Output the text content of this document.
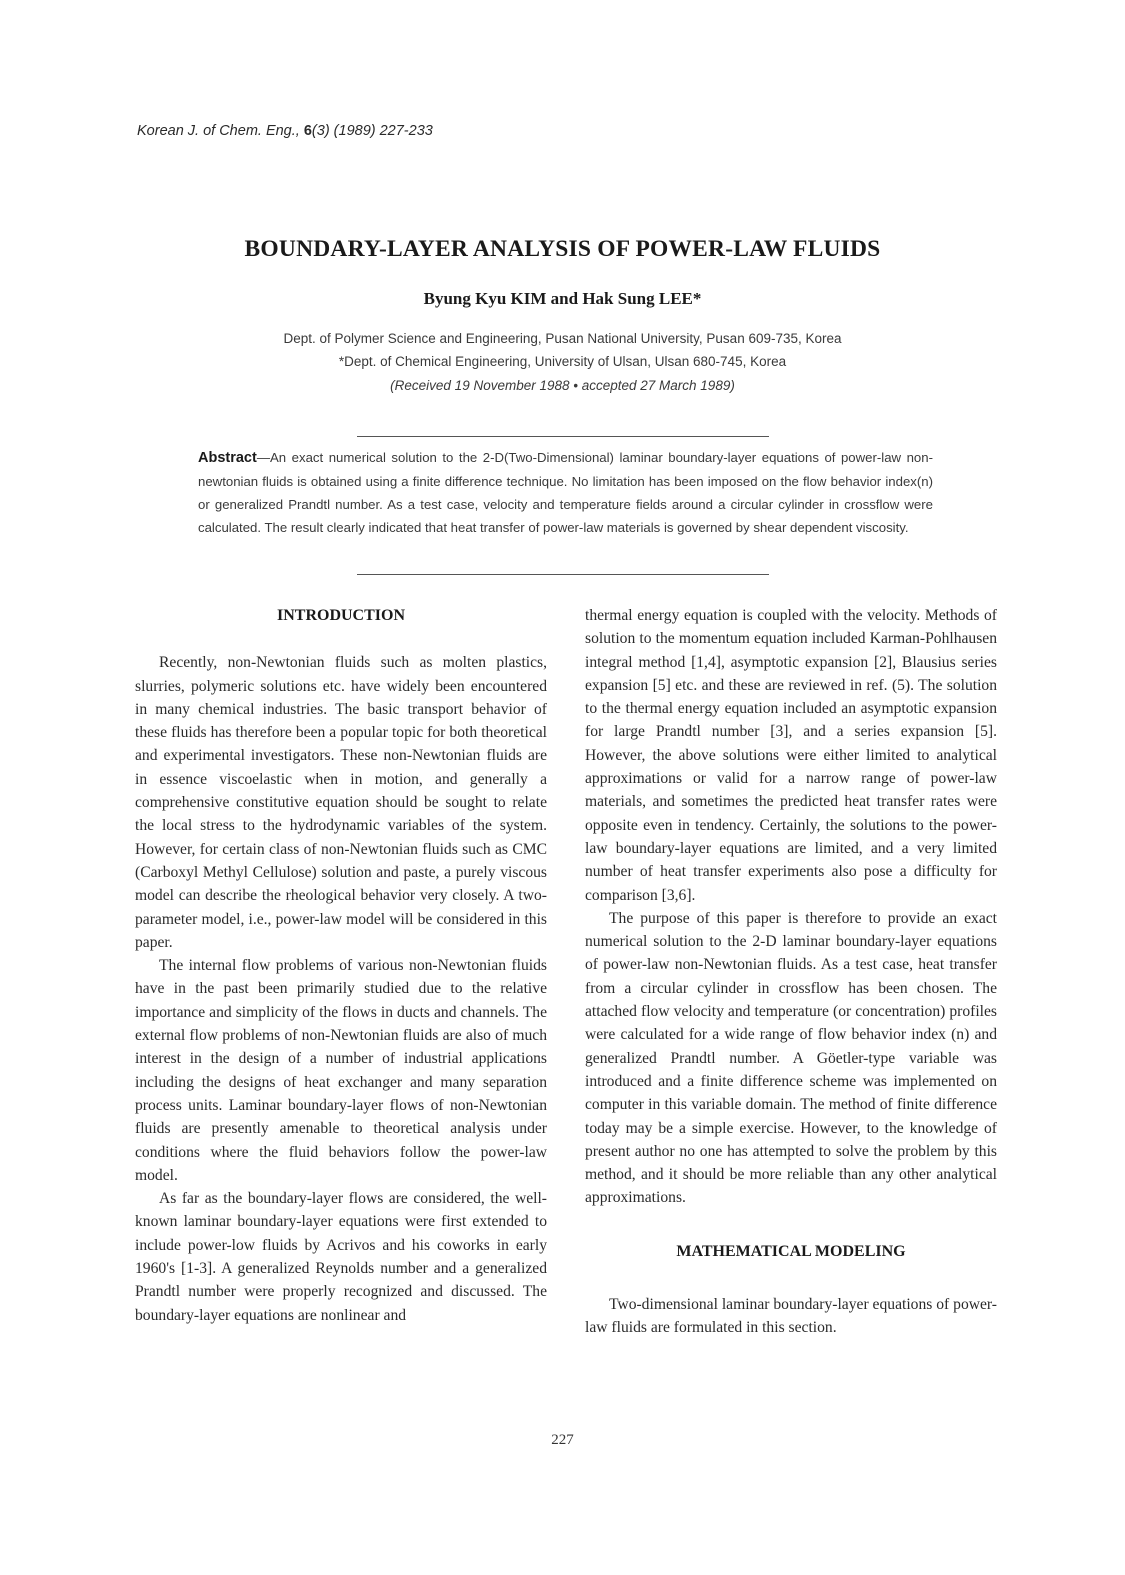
Korean J. of Chem. Eng., 6(3) (1989) 227-233
BOUNDARY-LAYER ANALYSIS OF POWER-LAW FLUIDS
Byung Kyu KIM and Hak Sung LEE*
Dept. of Polymer Science and Engineering, Pusan National University, Pusan 609-735, Korea
*Dept. of Chemical Engineering, University of Ulsan, Ulsan 680-745, Korea
(Received 19 November 1988 • accepted 27 March 1989)
Abstract—An exact numerical solution to the 2-D(Two-Dimensional) laminar boundary-layer equations of power-law non-newtonian fluids is obtained using a finite difference technique. No limitation has been imposed on the flow behavior index(n) or generalized Prandtl number. As a test case, velocity and temperature fields around a circular cylinder in crossflow were calculated. The result clearly indicated that heat transfer of power-law materials is governed by shear dependent viscosity.
INTRODUCTION

Recently, non-Newtonian fluids such as molten plastics, slurries, polymeric solutions etc. have widely been encountered in many chemical industries. The basic transport behavior of these fluids has therefore been a popular topic for both theoretical and experimental investigators. These non-Newtonian fluids are in essence viscoelastic when in motion, and generally a comprehensive constitutive equation should be sought to relate the local stress to the hydrodynamic variables of the system. However, for certain class of non-Newtonian fluids such as CMC (Carboxyl Methyl Cellulose) solution and paste, a purely viscous model can describe the rheological behavior very closely. A two-parameter model, i.e., power-law model will be considered in this paper.

The internal flow problems of various non-Newtonian fluids have in the past been primarily studied due to the relative importance and simplicity of the flows in ducts and channels. The external flow problems of non-Newtonian fluids are also of much interest in the design of a number of industrial applications including the designs of heat exchanger and many separation process units. Laminar boundary-layer flows of non-Newtonian fluids are presently amenable to theoretical analysis under conditions where the fluid behaviors follow the power-law model.

As far as the boundary-layer flows are considered, the well-known laminar boundary-layer equations were first extended to include power-low fluids by Acrivos and his coworks in early 1960's [1-3]. A generalized Reynolds number and a generalized Prandtl number were properly recognized and discussed. The boundary-layer equations are nonlinear and

thermal energy equation is coupled with the velocity. Methods of solution to the momentum equation included Karman-Pohlhausen integral method [1,4], asymptotic expansion [2], Blausius series expansion [5] etc. and these are reviewed in ref. (5). The solution to the thermal energy equation included an asymptotic expansion for large Prandtl number [3], and a series expansion [5]. However, the above solutions were either limited to analytical approximations or valid for a narrow range of power-law materials, and sometimes the predicted heat transfer rates were opposite even in tendency. Certainly, the solutions to the power-law boundary-layer equations are limited, and a very limited number of heat transfer experiments also pose a difficulty for comparison [3,6].

The purpose of this paper is therefore to provide an exact numerical solution to the 2-D laminar boundary-layer equations of power-law non-Newtonian fluids. As a test case, heat transfer from a circular cylinder in crossflow has been chosen. The attached flow velocity and temperature (or concentration) profiles were calculated for a wide range of flow behavior index (n) and generalized Prandtl number. A Göetler-type variable was introduced and a finite difference scheme was implemented on computer in this variable domain. The method of finite difference today may be a simple exercise. However, to the knowledge of present author no one has attempted to solve the problem by this method, and it should be more reliable than any other analytical approximations.

MATHEMATICAL MODELING

Two-dimensional laminar boundary-layer equations of power-law fluids are formulated in this section.

227
